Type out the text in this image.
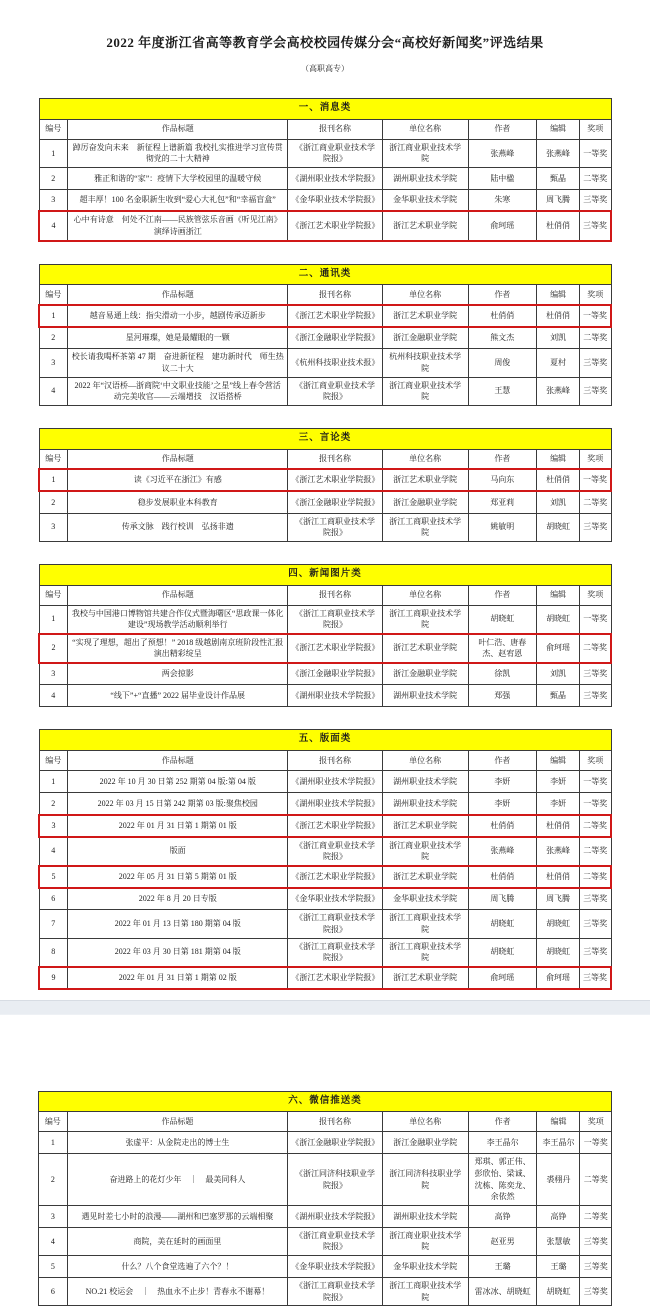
2022 年度浙江省高等教育学会高校校园传媒分会“高校好新闻奖”评选结果
（高职高专）
一、消息类						
编号	作品标题	报刊名称	单位名称	作者	编辑	奖项
1	踔厉奋发向未来　新征程上谱新篇 我校扎实推进学习宣传贯彻党的二十大精神	《浙江商业职业技术学院报》	浙江商业职业技术学院	张燕峰	张燕峰	一等奖
2	雅正和谐的“家”：疫情下大学校园里的温暖守候	《湖州职业技术学院报》	湖州职业技术学院	陆中楹	甄晶	二等奖
3	超丰厚！100 名金职新生收到“爱心大礼包”和“幸福盲盒”	《金华职业技术学院报》	金华职业技术学院	朱寒	周飞腾	三等奖
4	心中有诗意　何处不江南——民族管弦乐音画《听见江南》演绎诗画浙江	《浙江艺术职业学院报》	浙江艺术职业学院	俞珂瑶	杜俏俏	三等奖
二、通讯类						
编号	作品标题	报刊名称	单位名称	作者	编辑	奖项
1	越音易通上线：指尖滑动一小步，越剧传承迈新步	《浙江艺术职业学院报》	浙江艺术职业学院	杜俏俏	杜俏俏	一等奖
2	星河璀璨，她是最耀眼的一颗	《浙江金融职业学院报》	浙江金融职业学院	熊文杰	刘凯	二等奖
3	校长请我喝杯茶第 47 期　奋进新征程　建功新时代　师生热议二十大	《杭州科技职业技术报》	杭州科技职业技术学院	周俊	夏村	三等奖
4	2022 年“汉语桥—浙商院‘中文职业技能’之星”线上春令营活动完美收官——云端增技　汉语搭桥	《浙江商业职业技术学院报》	浙江商业职业技术学院	王慧	张燕峰	三等奖
三、言论类						
编号	作品标题	报刊名称	单位名称	作者	编辑	奖项
1	读《习近平在浙江》有感	《浙江艺术职业学院报》	浙江艺术职业学院	马向东	杜俏俏	一等奖
2	稳步发展职业本科教育	《浙江金融职业学院报》	浙江金融职业学院	郑亚莉	刘凯	二等奖
3	传承文脉　践行校训　弘扬非遗	《浙江工商职业技术学院报》	浙江工商职业技术学院	姚敏明	胡晓虹	三等奖
四、新闻图片类						
编号	作品标题	报刊名称	单位名称	作者	编辑	奖项
1	我校与中国港口博物馆共建合作仪式暨海曙区“思政课一体化建设”现场教学活动顺利举行	《浙江工商职业技术学院报》	浙江工商职业技术学院	胡晓虹	胡晓虹	一等奖
2	“实现了理想，超出了预想！” 2018 级越剧南京班阶段性汇报演出精彩绽呈	《浙江艺术职业学院报》	浙江艺术职业学院	叶仁浩、唐春杰、赵宥恩	俞珂瑶	二等奖
3	两会掠影	《浙江金融职业学院报》	浙江金融职业学院	徐凯	刘凯	三等奖
4	“线下”+“直播” 2022 届毕业设计作品展	《湖州职业技术学院报》	湖州职业技术学院	郑强	甄晶	三等奖
五、版面类						
编号	作品标题	报刊名称	单位名称	作者	编辑	奖项
1	2022 年 10 月 30 日第 252 期第 04 版:第 04 版	《湖州职业技术学院报》	湖州职业技术学院	李妍	李妍	一等奖
2	2022 年 03 月 15 日第 242 期第 03 版:聚焦校园	《湖州职业技术学院报》	湖州职业技术学院	李妍	李妍	一等奖
3	2022 年 01 月 31 日第 1 期第 01 版	《浙江艺术职业学院报》	浙江艺术职业学院	杜俏俏	杜俏俏	二等奖
4	版面	《浙江商业职业技术学院报》	浙江商业职业技术学院	张燕峰	张燕峰	二等奖
5	2022 年 05 月 31 日第 5 期第 01 版	《浙江艺术职业学院报》	浙江艺术职业学院	杜俏俏	杜俏俏	二等奖
6	2022 年 8 月 20 日专版	《金华职业技术学院报》	金华职业技术学院	周飞腾	周飞腾	三等奖
7	2022 年 01 月 13 日第 180 期第 04 版	《浙江工商职业技术学院报》	浙江工商职业技术学院	胡晓虹	胡晓虹	三等奖
8	2022 年 03 月 30 日第 181 期第 04 版	《浙江工商职业技术学院报》	浙江工商职业技术学院	胡晓虹	胡晓虹	三等奖
9	2022 年 01 月 31 日第 1 期第 02 版	《浙江艺术职业学院报》	浙江艺术职业学院	俞珂瑶	俞珂瑶	三等奖
六、微信推送类						
编号	作品标题	报刊名称	单位名称	作者	编辑	奖项
1	张虚平：从金院走出的博士生	《浙江金融职业学院报》	浙江金融职业学院	李王晶尔	李王晶尔	一等奖
2	奋进路上的花灯少年　｜　最美同科人	《浙江同济科技职业学院报》	浙江同济科技职业学院	郑琪、郭正伟、彭欣怡、梁诚、沈栋、陈奕龙、余依然	裘栩丹	二等奖
3	遇见时差七小时的浪漫——湖州和巴塞罗那的云端相聚	《湖州职业技术学院报》	湖州职业技术学院	高铮	高铮	二等奖
4	商院，美在延时的画面里	《浙江商业职业技术学院报》	浙江商业职业技术学院	赵亚男	张慧敏	三等奖
5	什么？八个食堂选遍了六个？！	《金华职业技术学院报》	金华职业技术学院	王璐	王璐	三等奖
6	NO.21 校运会　｜　热血永不止步！青春永不谢幕！	《浙江工商职业技术学院报》	浙江工商职业技术学院	雷冰冰、胡晓虹	胡晓虹	三等奖
